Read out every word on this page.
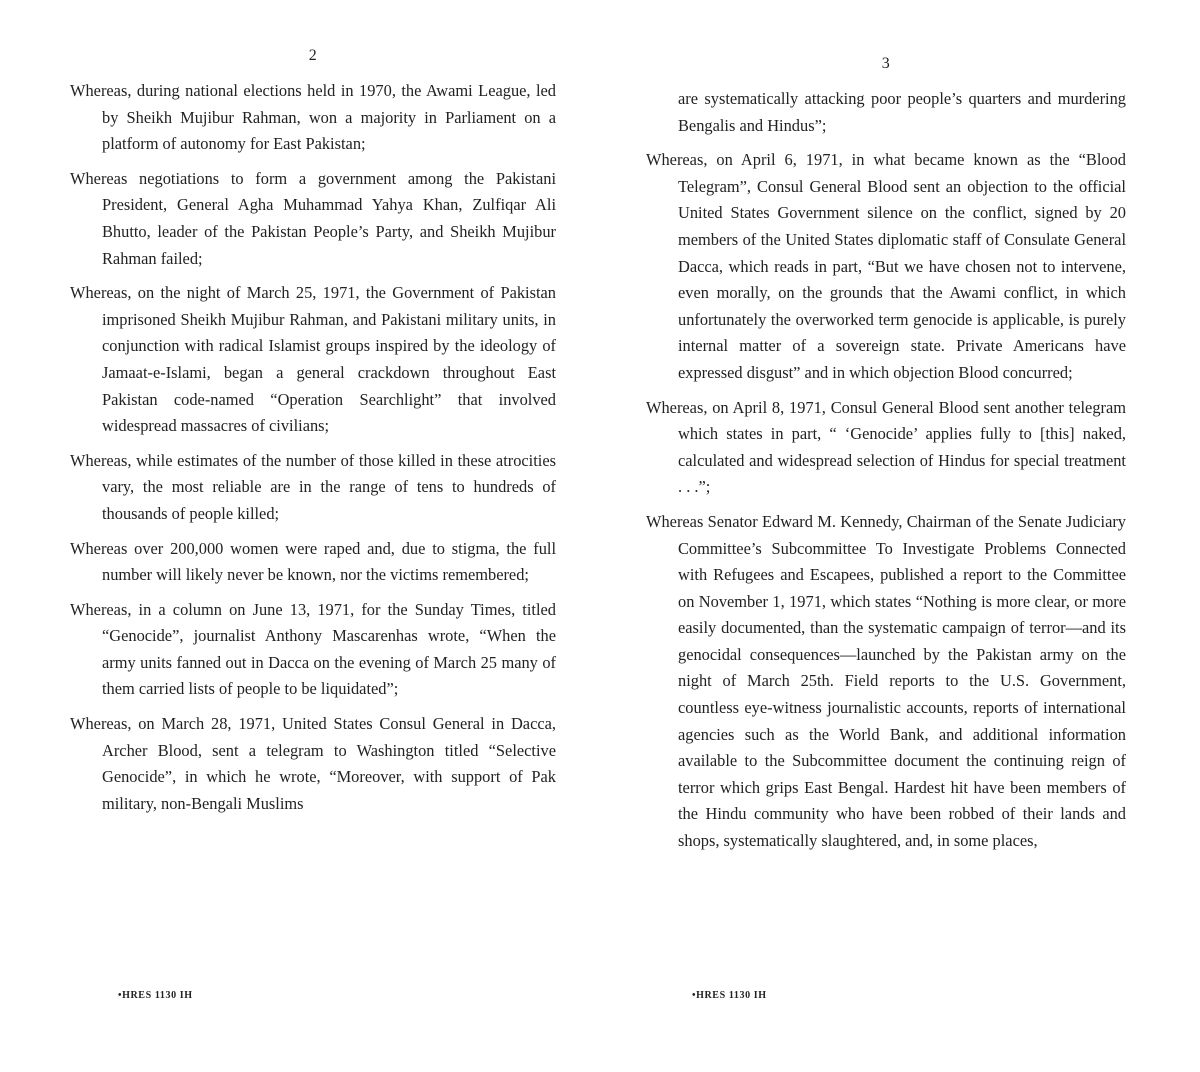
2

Whereas, during national elections held in 1970, the Awami League, led by Sheikh Mujibur Rahman, won a majority in Parliament on a platform of autonomy for East Pakistan;

Whereas negotiations to form a government among the Pakistani President, General Agha Muhammad Yahya Khan, Zulfiqar Ali Bhutto, leader of the Pakistan People’s Party, and Sheikh Mujibur Rahman failed;

Whereas, on the night of March 25, 1971, the Government of Pakistan imprisoned Sheikh Mujibur Rahman, and Pakistani military units, in conjunction with radical Islamist groups inspired by the ideology of Jamaat-e-Islami, began a general crackdown throughout East Pakistan code-named “Operation Searchlight” that involved widespread massacres of civilians;

Whereas, while estimates of the number of those killed in these atrocities vary, the most reliable are in the range of tens to hundreds of thousands of people killed;

Whereas over 200,000 women were raped and, due to stigma, the full number will likely never be known, nor the victims remembered;

Whereas, in a column on June 13, 1971, for the Sunday Times, titled “Genocide”, journalist Anthony Mascarenhas wrote, “When the army units fanned out in Dacca on the evening of March 25 many of them carried lists of people to be liquidated”;

Whereas, on March 28, 1971, United States Consul General in Dacca, Archer Blood, sent a telegram to Washington titled “Selective Genocide”, in which he wrote, “Moreover, with support of Pak military, non-Bengali Muslims

•HRES 1130 IH
3

are systematically attacking poor people’s quarters and murdering Bengalis and Hindus”;

Whereas, on April 6, 1971, in what became known as the “Blood Telegram”, Consul General Blood sent an objection to the official United States Government silence on the conflict, signed by 20 members of the United States diplomatic staff of Consulate General Dacca, which reads in part, “But we have chosen not to intervene, even morally, on the grounds that the Awami conflict, in which unfortunately the overworked term genocide is applicable, is purely internal matter of a sovereign state. Private Americans have expressed disgust” and in which objection Blood concurred;

Whereas, on April 8, 1971, Consul General Blood sent another telegram which states in part, “ ‘Genocide’ applies fully to [this] naked, calculated and widespread selection of Hindus for special treatment . . .”;

Whereas Senator Edward M. Kennedy, Chairman of the Senate Judiciary Committee’s Subcommittee To Investigate Problems Connected with Refugees and Escapees, published a report to the Committee on November 1, 1971, which states “Nothing is more clear, or more easily documented, than the systematic campaign of terror—and its genocidal consequences—launched by the Pakistan army on the night of March 25th. Field reports to the U.S. Government, countless eye-witness journalistic accounts, reports of international agencies such as the World Bank, and additional information available to the Subcommittee document the continuing reign of terror which grips East Bengal. Hardest hit have been members of the Hindu community who have been robbed of their lands and shops, systematically slaughtered, and, in some places,

•HRES 1130 IH
